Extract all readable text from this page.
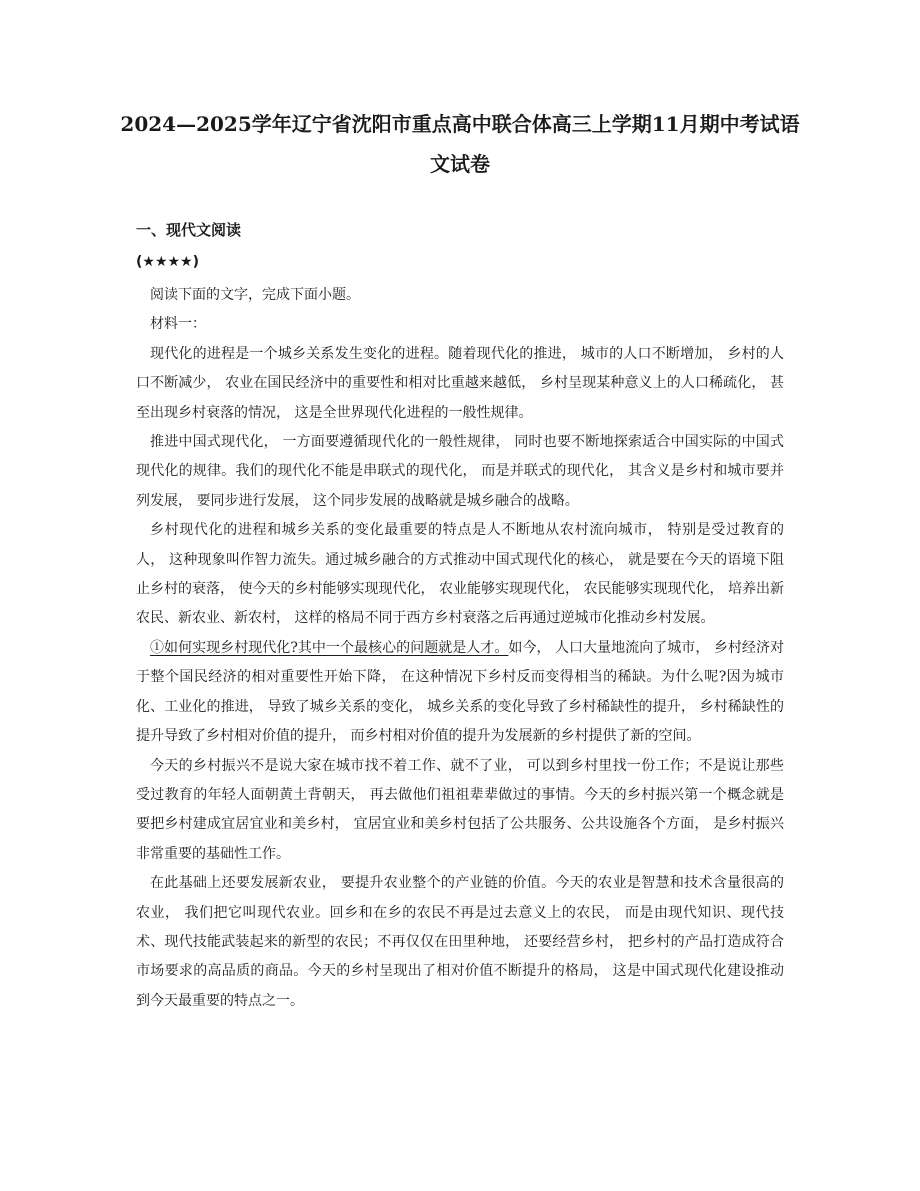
2024—2025学年辽宁省沈阳市重点高中联合体高三上学期11月期中考试语文试卷
一、现代文阅读
(★★★★)

阅读下面的文字，完成下面小题。

材料一：

现代化的进程是一个城乡关系发生变化的进程。随着现代化的推进， 城市的人口不断增加， 乡村的人口不断减少， 农业在国民经济中的重要性和相对比重越来越低， 乡村呈现某种意义上的人口稀疏化， 甚至出现乡村衰落的情况， 这是全世界现代化进程的一般性规律。

推进中国式现代化， 一方面要遵循现代化的一般性规律， 同时也要不断地探索适合中国实际的中国式现代化的规律。我们的现代化不能是串联式的现代化， 而是并联式的现代化， 其含义是乡村和城市要并列发展， 要同步进行发展， 这个同步发展的战略就是城乡融合的战略。

乡村现代化的进程和城乡关系的变化最重要的特点是人不断地从农村流向城市， 特别是受过教育的人， 这种现象叫作智力流失。通过城乡融合的方式推动中国式现代化的核心， 就是要在今天的语境下阻止乡村的衰落， 使今天的乡村能够实现现代化， 农业能够实现现代化， 农民能够实现现代化， 培养出新农民、新农业、新农村， 这样的格局不同于西方乡村衰落之后再通过逆城市化推动乡村发展。

①如何实现乡村现代化?其中一个最核心的问题就是人才。如今， 人口大量地流向了城市， 乡村经济对于整个国民经济的相对重要性开始下降， 在这种情况下乡村反而变得相当的稀缺。为什么呢?因为城市化、工业化的推进， 导致了城乡关系的变化， 城乡关系的变化导致了乡村稀缺性的提升， 乡村稀缺性的提升导致了乡村相对价值的提升， 而乡村相对价值的提升为发展新的乡村提供了新的空间。

今天的乡村振兴不是说大家在城市找不着工作、就不了业， 可以到乡村里找一份工作；不是说让那些受过教育的年轻人面朝黄土背朝天， 再去做他们祖祖辈辈做过的事情。今天的乡村振兴第一个概念就是要把乡村建成宜居宜业和美乡村， 宜居宜业和美乡村包括了公共服务、公共设施各个方面， 是乡村振兴非常重要的基础性工作。

在此基础上还要发展新农业， 要提升农业整个的产业链的价值。今天的农业是智慧和技术含量很高的农业， 我们把它叫现代农业。回乡和在乡的农民不再是过去意义上的农民， 而是由现代知识、现代技术、现代技能武装起来的新型的农民；不再仅仅在田里种地， 还要经营乡村， 把乡村的产品打造成符合市场要求的高品质的商品。今天的乡村呈现出了相对价值不断提升的格局， 这是中国式现代化建设推动到今天最重要的特点之一。
